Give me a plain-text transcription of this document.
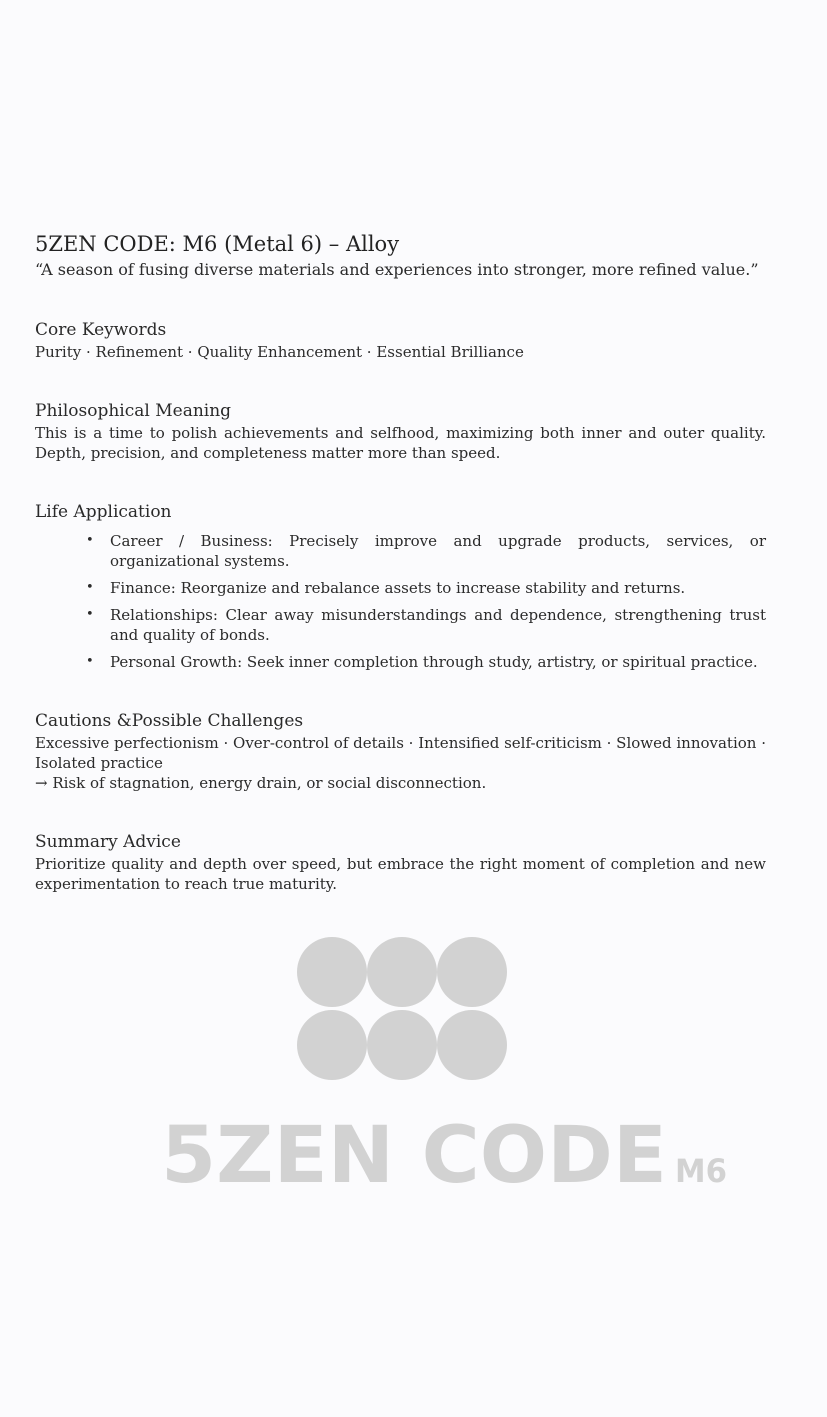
5ZEN CODE: M6 (Metal 6) – Alloy

“A season of fusing diverse materials and experiences into stronger, more refined value.”

Core Keywords

Purity · Refinement · Quality Enhancement · Essential Brilliance

Philosophical Meaning

This is a time to polish achievements and selfhood, maximizing both inner and outer quality. Depth, precision, and completeness matter more than speed.

Life Application
• Career / Business: Precisely improve and upgrade products, services, or organizational systems.
• Finance: Reorganize and rebalance assets to increase stability and returns.
• Relationships: Clear away misunderstandings and dependence, strengthening trust and quality of bonds.
• Personal Growth: Seek inner completion through study, artistry, or spiritual practice.
Cautions &Possible Challenges

Excessive perfectionism · Over-control of details · Intensified self-criticism · Slowed innovation · Isolated practice

→ Risk of stagnation, energy drain, or social disconnection.

Summary Advice

Prioritize quality and depth over speed, but embrace the right moment of completion and new experimentation to reach true maturity.

5ZEN CODE M6
